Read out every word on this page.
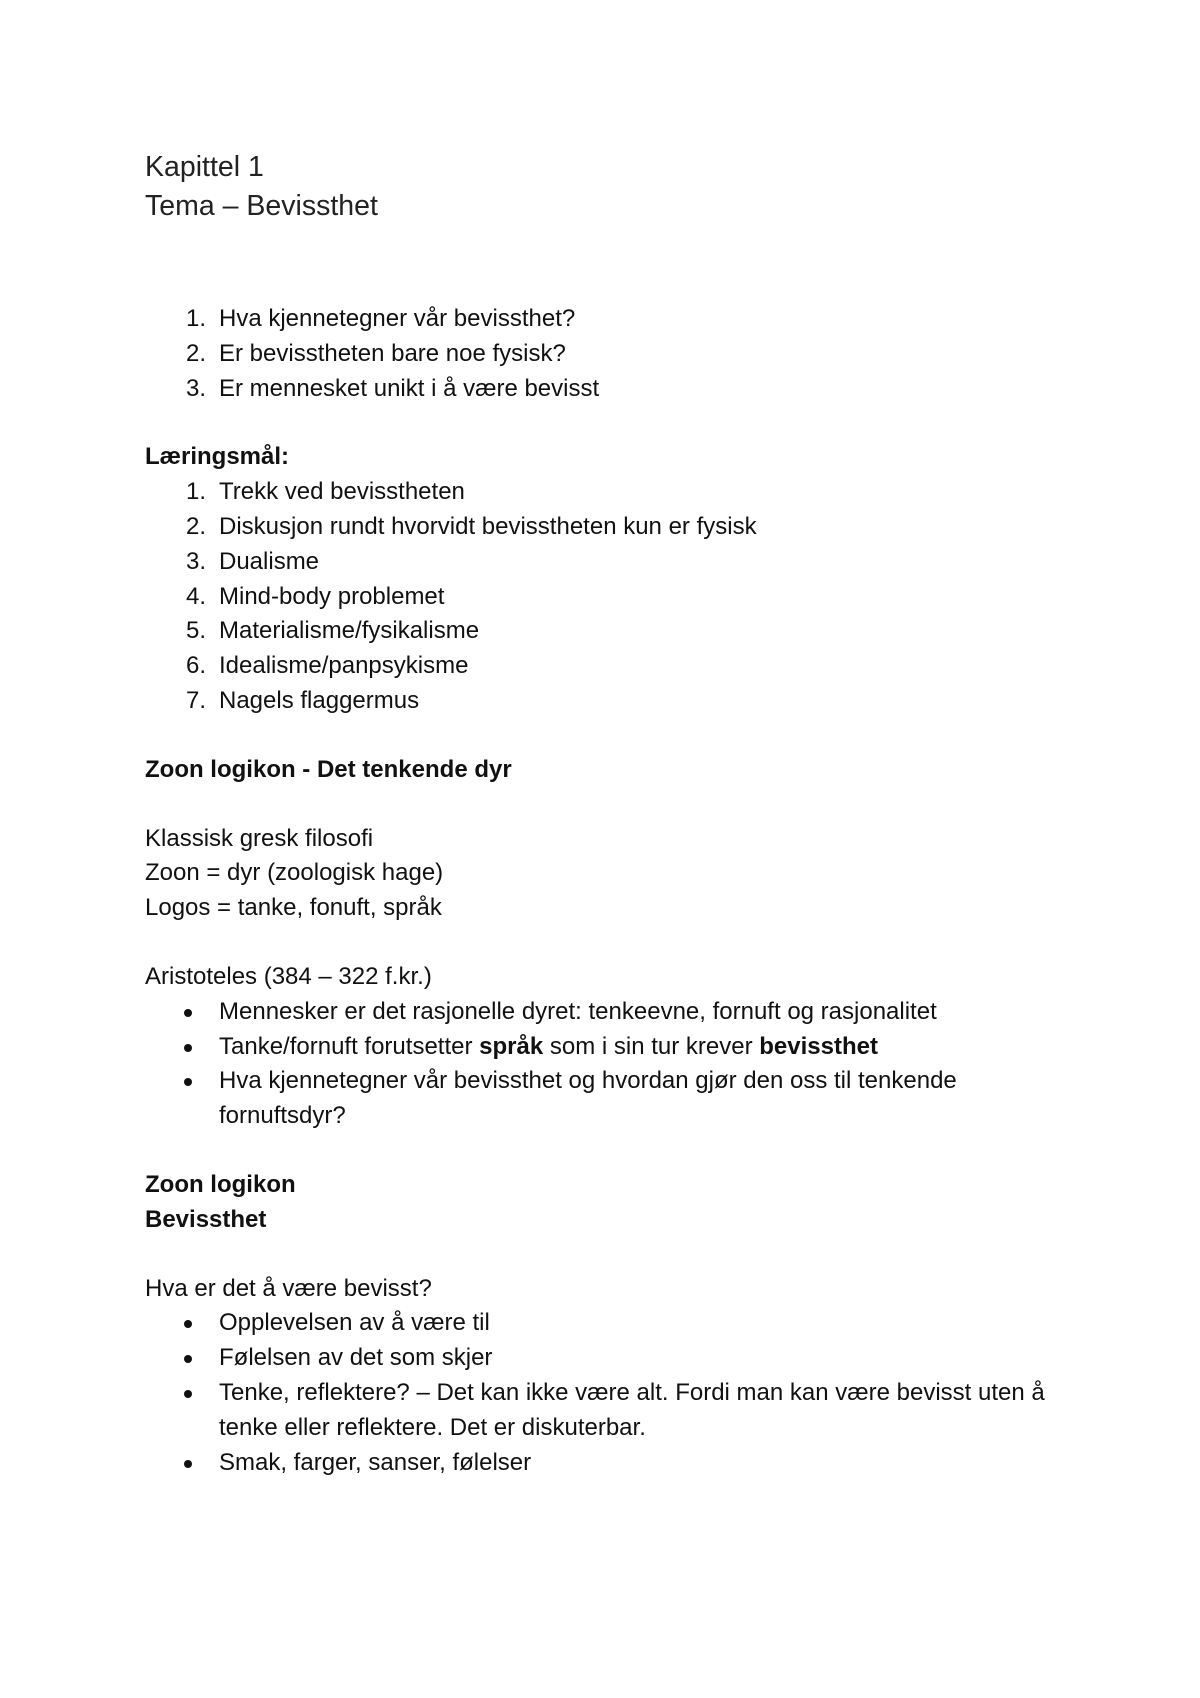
Kapittel 1
Tema – Bevissthet
1. Hva kjennetegner vår bevissthet?
2. Er bevisstheten bare noe fysisk?
3. Er mennesket unikt i å være bevisst

Læringsmål:

1. Trekk ved bevisstheten
2. Diskusjon rundt hvorvidt bevisstheten kun er fysisk
3. Dualisme
4. Mind-body problemet
5. Materialisme/fysikalisme
6. Idealisme/panpsykisme
7. Nagels flaggermus

Zoon logikon - Det tenkende dyr

Klassisk gresk filosofi

Zoon = dyr (zoologisk hage)

Logos = tanke, fonuft, språk

Aristoteles (384 – 322 f.kr.)

Mennesker er det rasjonelle dyret: tenkeevne, fornuft og rasjonalitet
Tanke/fornuft forutsetter språk som i sin tur krever bevissthet
Hva kjennetegner vår bevissthet og hvordan gjør den oss til tenkende fornuftsdyr?

Zoon logikon

Bevissthet

Hva er det å være bevisst?

Opplevelsen av å være til
Følelsen av det som skjer
Tenke, reflektere? – Det kan ikke være alt. Fordi man kan være bevisst uten å tenke eller reflektere. Det er diskuterbar.
Smak, farger, sanser, følelser
